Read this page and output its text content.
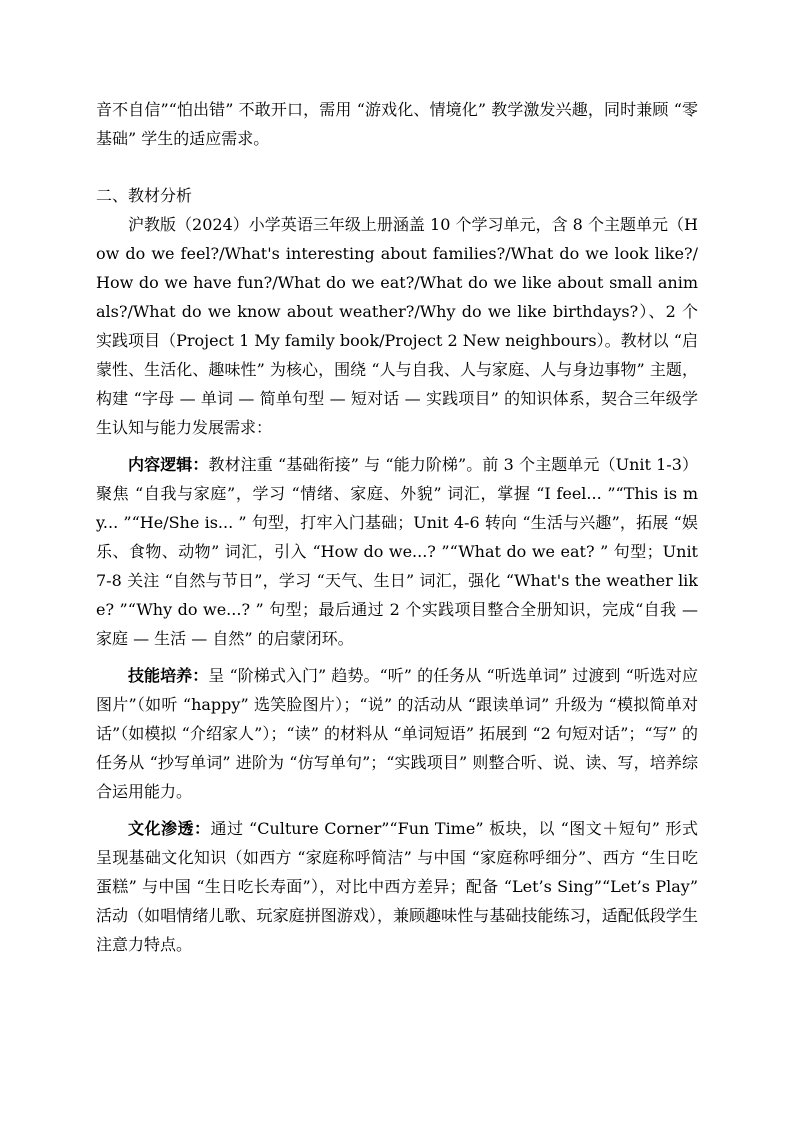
音不自信”“怕出错” 不敢开口，需用 “游戏化、情境化” 教学激发兴趣，同时兼顾 “零基础” 学生的适应需求。

二、教材分析

沪教版（2024）小学英语三年级上册涵盖 10 个学习单元，含 8 个主题单元（How do we feel?/What's interesting about families?/What do we look like?/How do we have fun?/What do we eat?/What do we like about small animals?/What do we know about weather?/Why do we like birthdays?）、2 个实践项目（Project 1 My family book/Project 2 New neighbours）。教材以 “启蒙性、生活化、趣味性” 为核心，围绕 “人与自我、人与家庭、人与身边事物” 主题，构建 “字母 — 单词 — 简单句型 — 短对话 — 实践项目” 的知识体系，契合三年级学生认知与能力发展需求：

内容逻辑：教材注重 “基础衔接” 与 “能力阶梯”。前 3 个主题单元（Unit 1-3）聚焦 “自我与家庭”，学习 “情绪、家庭、外貌” 词汇，掌握 “I feel... ”“This is my... ”“He/She is... ” 句型，打牢入门基础；Unit 4-6 转向 “生活与兴趣”，拓展 “娱乐、食物、动物” 词汇，引入 “How do we...? ”“What do we eat? ” 句型；Unit 7-8 关注 “自然与节日”，学习 “天气、生日” 词汇，强化 “What's the weather like? ”“Why do we...? ” 句型；最后通过 2 个实践项目整合全册知识，完成“自我 — 家庭 — 生活 — 自然” 的启蒙闭环。

技能培养：呈 “阶梯式入门” 趋势。“听” 的任务从 “听选单词” 过渡到 “听选对应图片”（如听 “happy” 选笑脸图片）；“说” 的活动从 “跟读单词” 升级为 “模拟简单对话”（如模拟 “介绍家人”）；“读” 的材料从 “单词短语” 拓展到 “2 句短对话”；“写” 的任务从 “抄写单词” 进阶为 “仿写单句”；“实践项目” 则整合听、说、读、写，培养综合运用能力。

文化渗透：通过 “Culture Corner”“Fun Time” 板块，以 “图文＋短句” 形式呈现基础文化知识（如西方 “家庭称呼简洁” 与中国 “家庭称呼细分”、西方 “生日吃蛋糕” 与中国 “生日吃长寿面”），对比中西方差异；配备 “Let’s Sing”“Let’s Play” 活动（如唱情绪儿歌、玩家庭拼图游戏），兼顾趣味性与基础技能练习，适配低段学生注意力特点。
